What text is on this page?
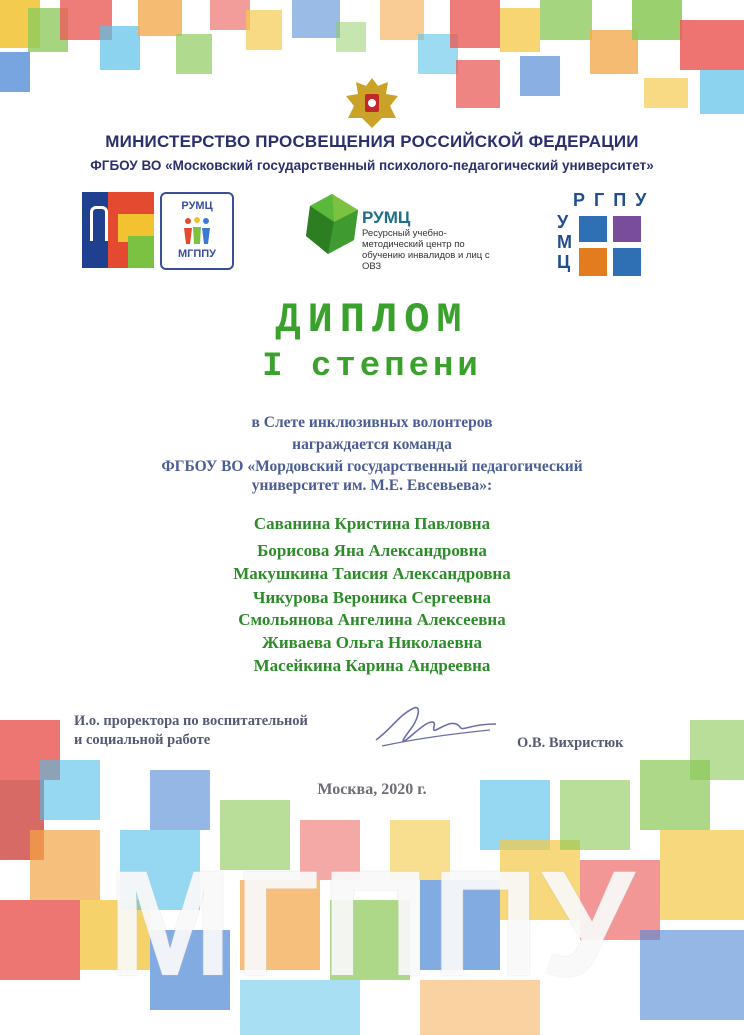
МИНИСТЕРСТВО ПРОСВЕЩЕНИЯ РОССИЙСКОЙ ФЕДЕРАЦИИ
ФГБОУ ВО «Московский государственный психолого-педагогический университет»
РУМЦ
МГППУ
РУМЦ
Ресурсный учебно-методический центр по обучению инвалидов и лиц с ОВЗ
РГПУ
У
М
Ц
ДИПЛОМ
I степени
в Слете инклюзивных волонтеров
награждается команда
ФГБОУ ВО «Мордовский государственный педагогический
университет им. М.Е. Евсевьева»:
Саванина Кристина Павловна
Борисова Яна Александровна
Макушкина Таисия Александровна
Чикурова Вероника Сергеевна
Смольянова Ангелина Алексеевна
Живаева Ольга Николаевна
Масейкина Карина Андреевна
И.о. проректора по воспитательной
и социальной работе	О.В. Вихристюк
Москва, 2020 г.
МГППУ
